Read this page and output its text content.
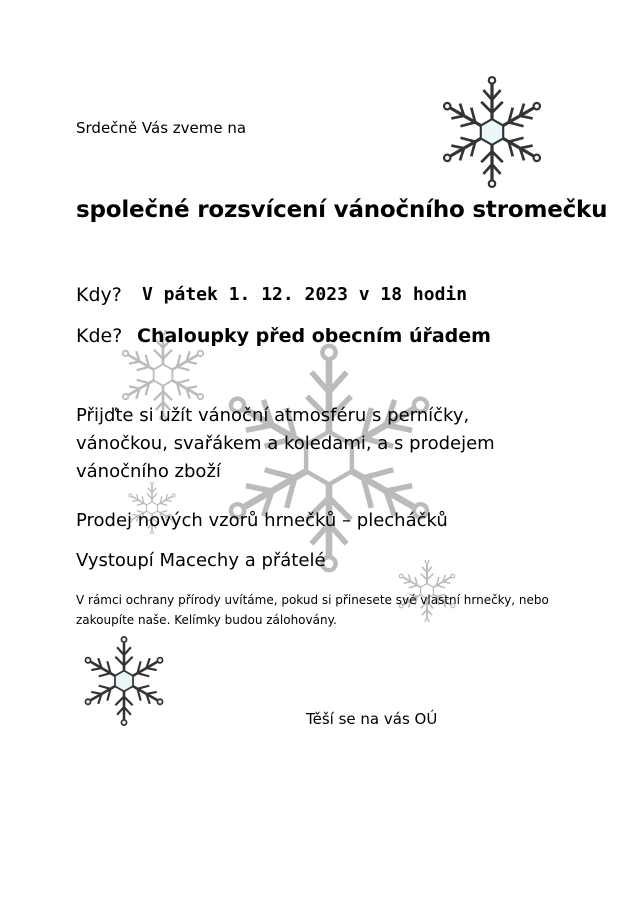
Srdečně Vás zveme na

společné rozsvícení vánočního stromečku
Kdy? V pátek 1. 12. 2023 v 18 hodin
Kde? Chaloupky před obecním úřadem
Přijďte si užít vánoční atmosféru s perníčky,
vánočkou, svařákem a koledami, a s prodejem
vánočního zboží

Prodej nových vzorů hrnečků – plecháčků

Vystoupí Macechy a přátelé

V rámci ochrany přírody uvítáme, pokud si přinesete své vlastní hrnečky, nebo
zakoupíte naše. Kelímky budou zálohovány.

Těší se na vás OÚ
